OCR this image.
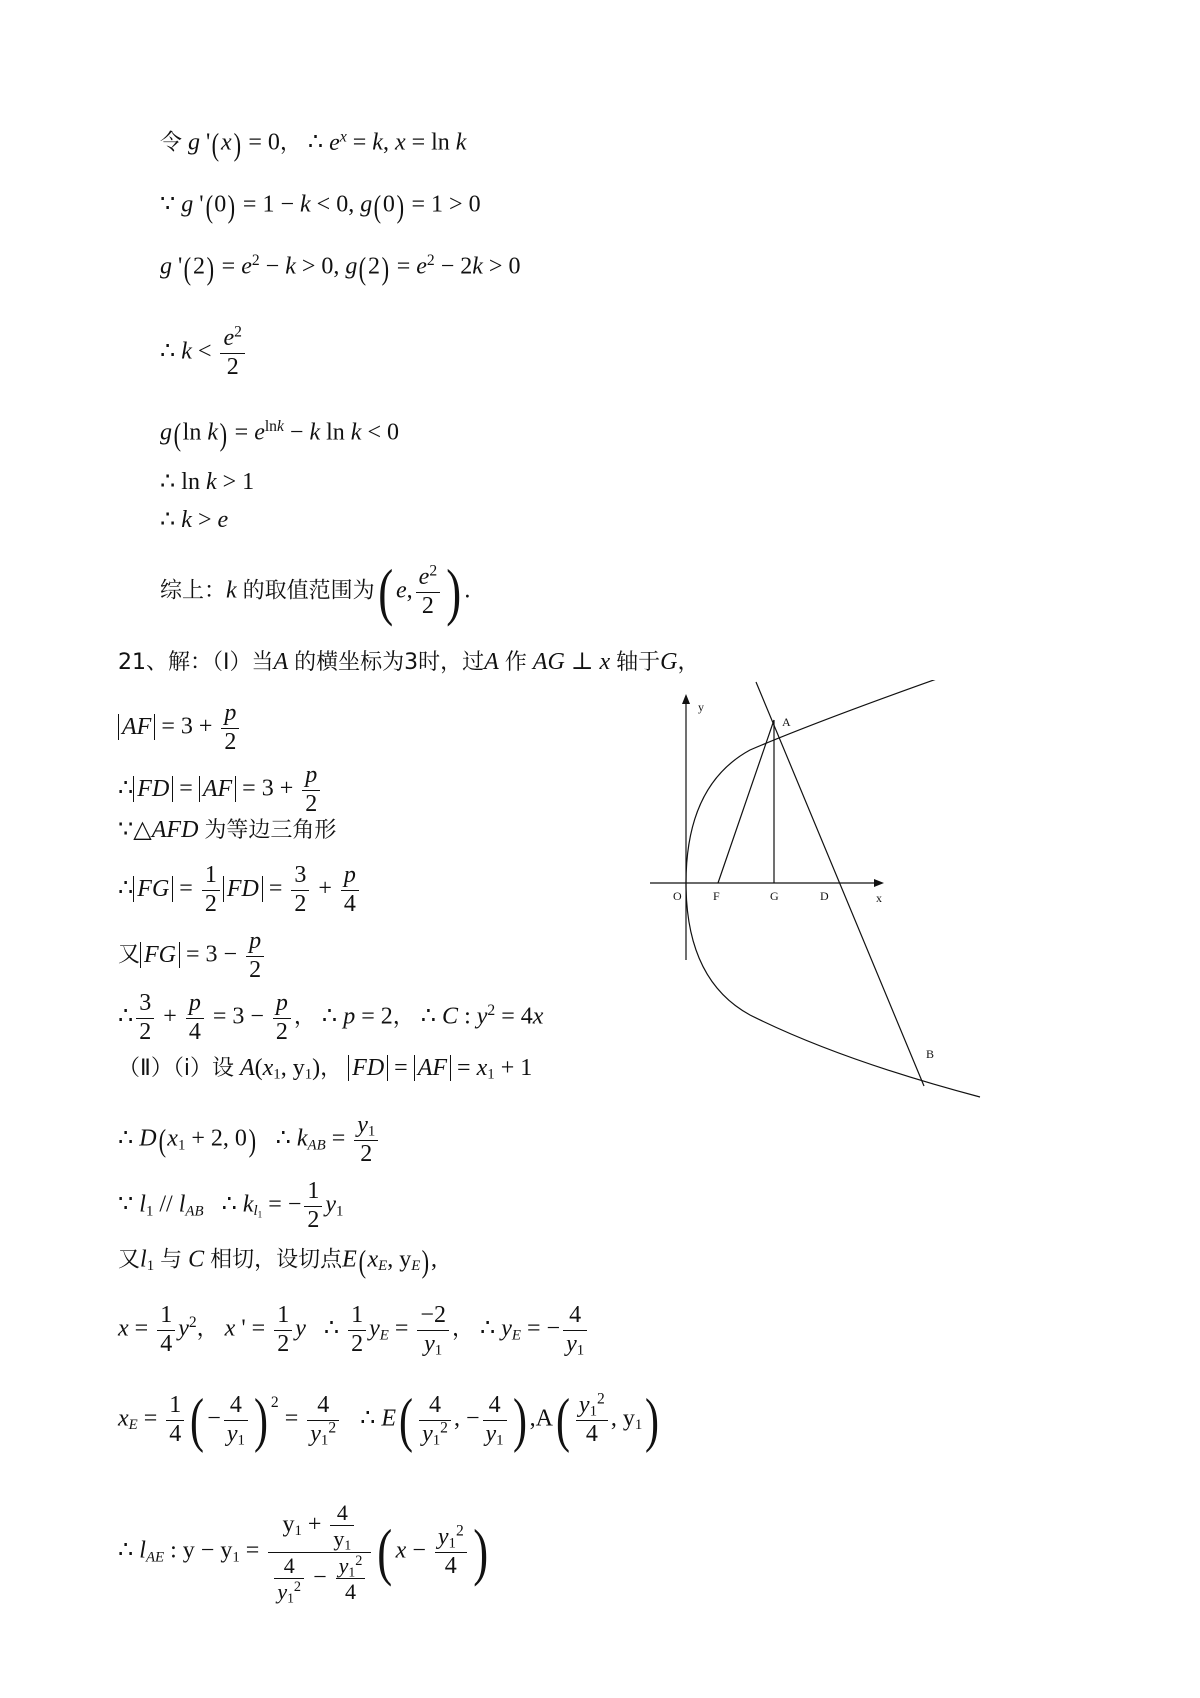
令 g '(x) = 0， ∴ $e^x = k$, x = ln k
∵ g '(0) = 1 − k < 0, g(0) = 1 > 0
g '$(2) = e^2 - k > 0$, $g(2) = e^2 - 2k > 0$
∴ $k < \frac{e^2}{2}$
g(ln $k) = e^{lnk} - k$ ln k < 0
∴ ln k > 1
∴ k > e
综上：k 的取值范围为( e, $\frac{e^2}{2}$ ) .
21、解：（Ⅰ）当A 的横坐标为3时，过A 作 AG ⊥ x 轴于G，
AF = $3 + \frac{p}{2}$
∴ FD = AF = $3 + \frac{p}{2}$
∵△AFD 为等边三角形
∴ FG = $\frac{1}{2}$ FD = $\frac{3}{2} + \frac{p}{4}$
又 FG = $3 - \frac{p}{2}$
∴ $\frac{3}{2} + \frac{p}{4} = 3 - \frac{p}{2}$ ， ∴ p = 2， ∴ C : $y^2 = 4x$
（Ⅱ）（ⅰ）设 $A(x_1$, $y_1$)， FD = AF = $x_1 + 1$
∴ $D(x_1 + 2$, 0) ∴ $k_{AB} = \frac{y_1}{2}$
∵ $l_1 // l_{AB}$ ∴ $k_{l_1}$ = − $\frac{1}{2} y_1$
又$l_1$ 与 C 相切，设切点$E(x_E$, $y_E$),
$x = \frac{1}{4} y^2$， x ' = $\frac{1}{2}$ y ∴ $\frac{1}{2} y_E = \frac{-2}{y_1}$ ， ∴ $y_E$ = − $\frac{4}{y_1}$
$x_E = \frac{1}{4}$ ( − $\frac{4}{y_1}$ ) $^2 = \frac{4}{y_1^2}$ ∴ $E( \frac{4}{y_1^2}$ , − $\frac{4}{y_1}$ ) $,A( \frac{y_1^2}{4}$ , $y_1$)
∴ $l_{AE}$ : $y - y_1 = \frac{y_1 + \frac{4}{y_1}}{\frac{4}{y_1^2} - \frac{y_1^2}{4}}$ ( $x - \frac{y_1^2}{4}$ )
y
x
O	F	G	D
A
B
